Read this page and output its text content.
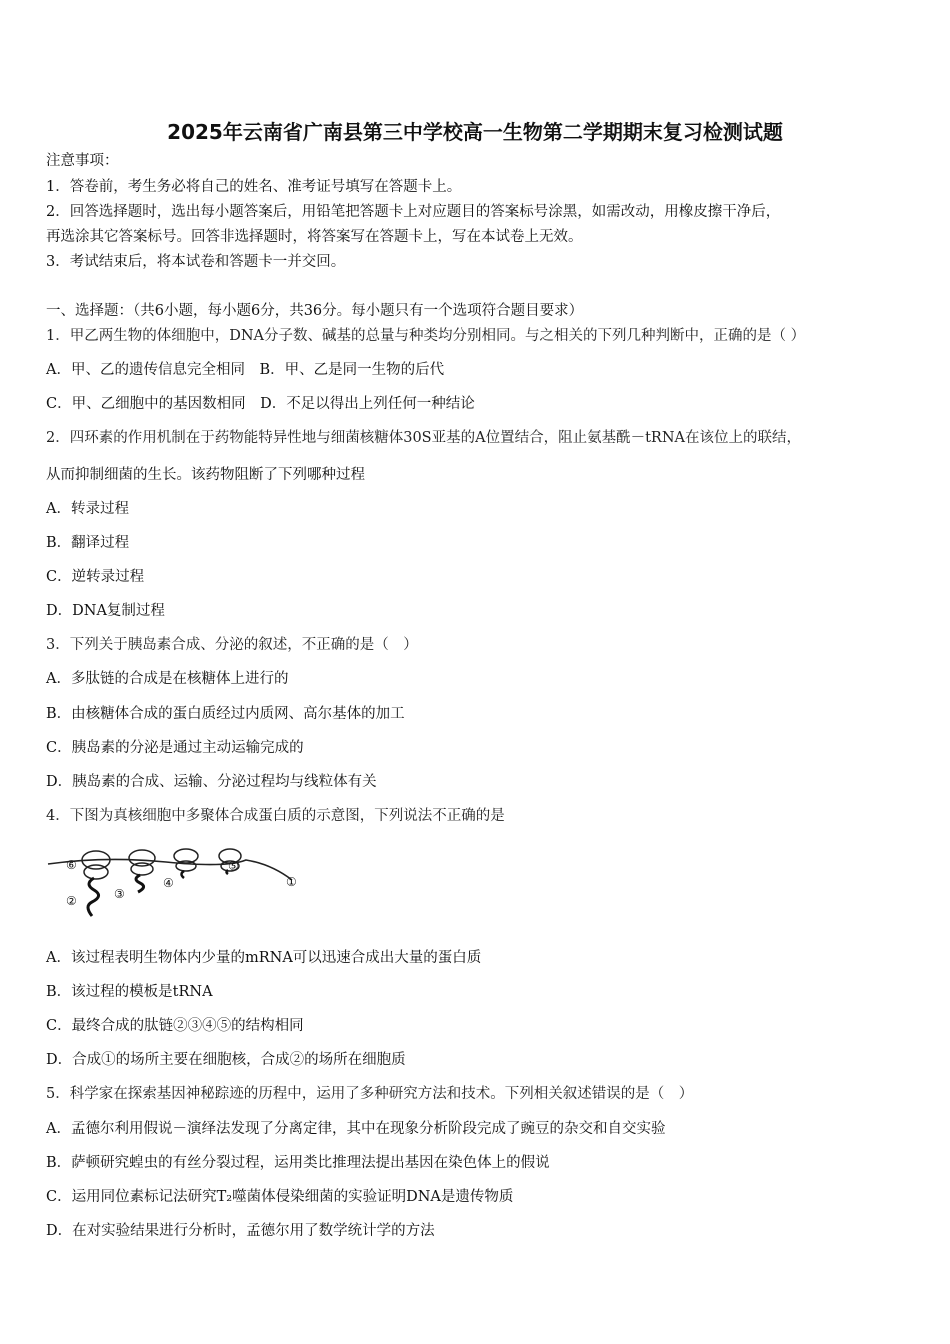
2025年云南省广南县第三中学校高一生物第二学期期末复习检测试题
注意事项：
1．答卷前，考生务必将自己的姓名、准考证号填写在答题卡上。
2．回答选择题时，选出每小题答案后，用铅笔把答题卡上对应题目的答案标号涂黑，如需改动，用橡皮擦干净后，
再选涂其它答案标号。回答非选择题时，将答案写在答题卡上，写在本试卷上无效。
3．考试结束后，将本试卷和答题卡一并交回。
一、选择题：（共6小题，每小题6分，共36分。每小题只有一个选项符合题目要求）
1．甲乙两生物的体细胞中，DNA分子数、碱基的总量与种类均分别相同。与之相关的下列几种判断中，正确的是（ ）
A．甲、乙的遗传信息完全相同　B．甲、乙是同一生物的后代
C．甲、乙细胞中的基因数相同　D．不足以得出上列任何一种结论
2．四环素的作用机制在于药物能特异性地与细菌核糖体30S亚基的A位置结合，阻止氨基酰－tRNA在该位上的联结，
从而抑制细菌的生长。该药物阻断了下列哪种过程
A．转录过程
B．翻译过程
C．逆转录过程
D．DNA复制过程
3．下列关于胰岛素合成、分泌的叙述，不正确的是（　）
A．多肽链的合成是在核糖体上进行的
B．由核糖体合成的蛋白质经过内质网、高尔基体的加工
C．胰岛素的分泌是通过主动运输完成的
D．胰岛素的合成、运输、分泌过程均与线粒体有关
4．下图为真核细胞中多聚体合成蛋白质的示意图，下列说法不正确的是
⑥
②	③
④
⑤
①
A．该过程表明生物体内少量的mRNA可以迅速合成出大量的蛋白质
B．该过程的模板是tRNA
C．最终合成的肽链②③④⑤的结构相同
D．合成①的场所主要在细胞核，合成②的场所在细胞质
5．科学家在探索基因神秘踪迹的历程中，运用了多种研究方法和技术。下列相关叙述错误的是（　）
A．孟德尔利用假说－演绎法发现了分离定律，其中在现象分析阶段完成了豌豆的杂交和自交实验
B．萨顿研究蝗虫的有丝分裂过程，运用类比推理法提出基因在染色体上的假说
C．运用同位素标记法研究T₂噬菌体侵染细菌的实验证明DNA是遗传物质
D．在对实验结果进行分析时，孟德尔用了数学统计学的方法
